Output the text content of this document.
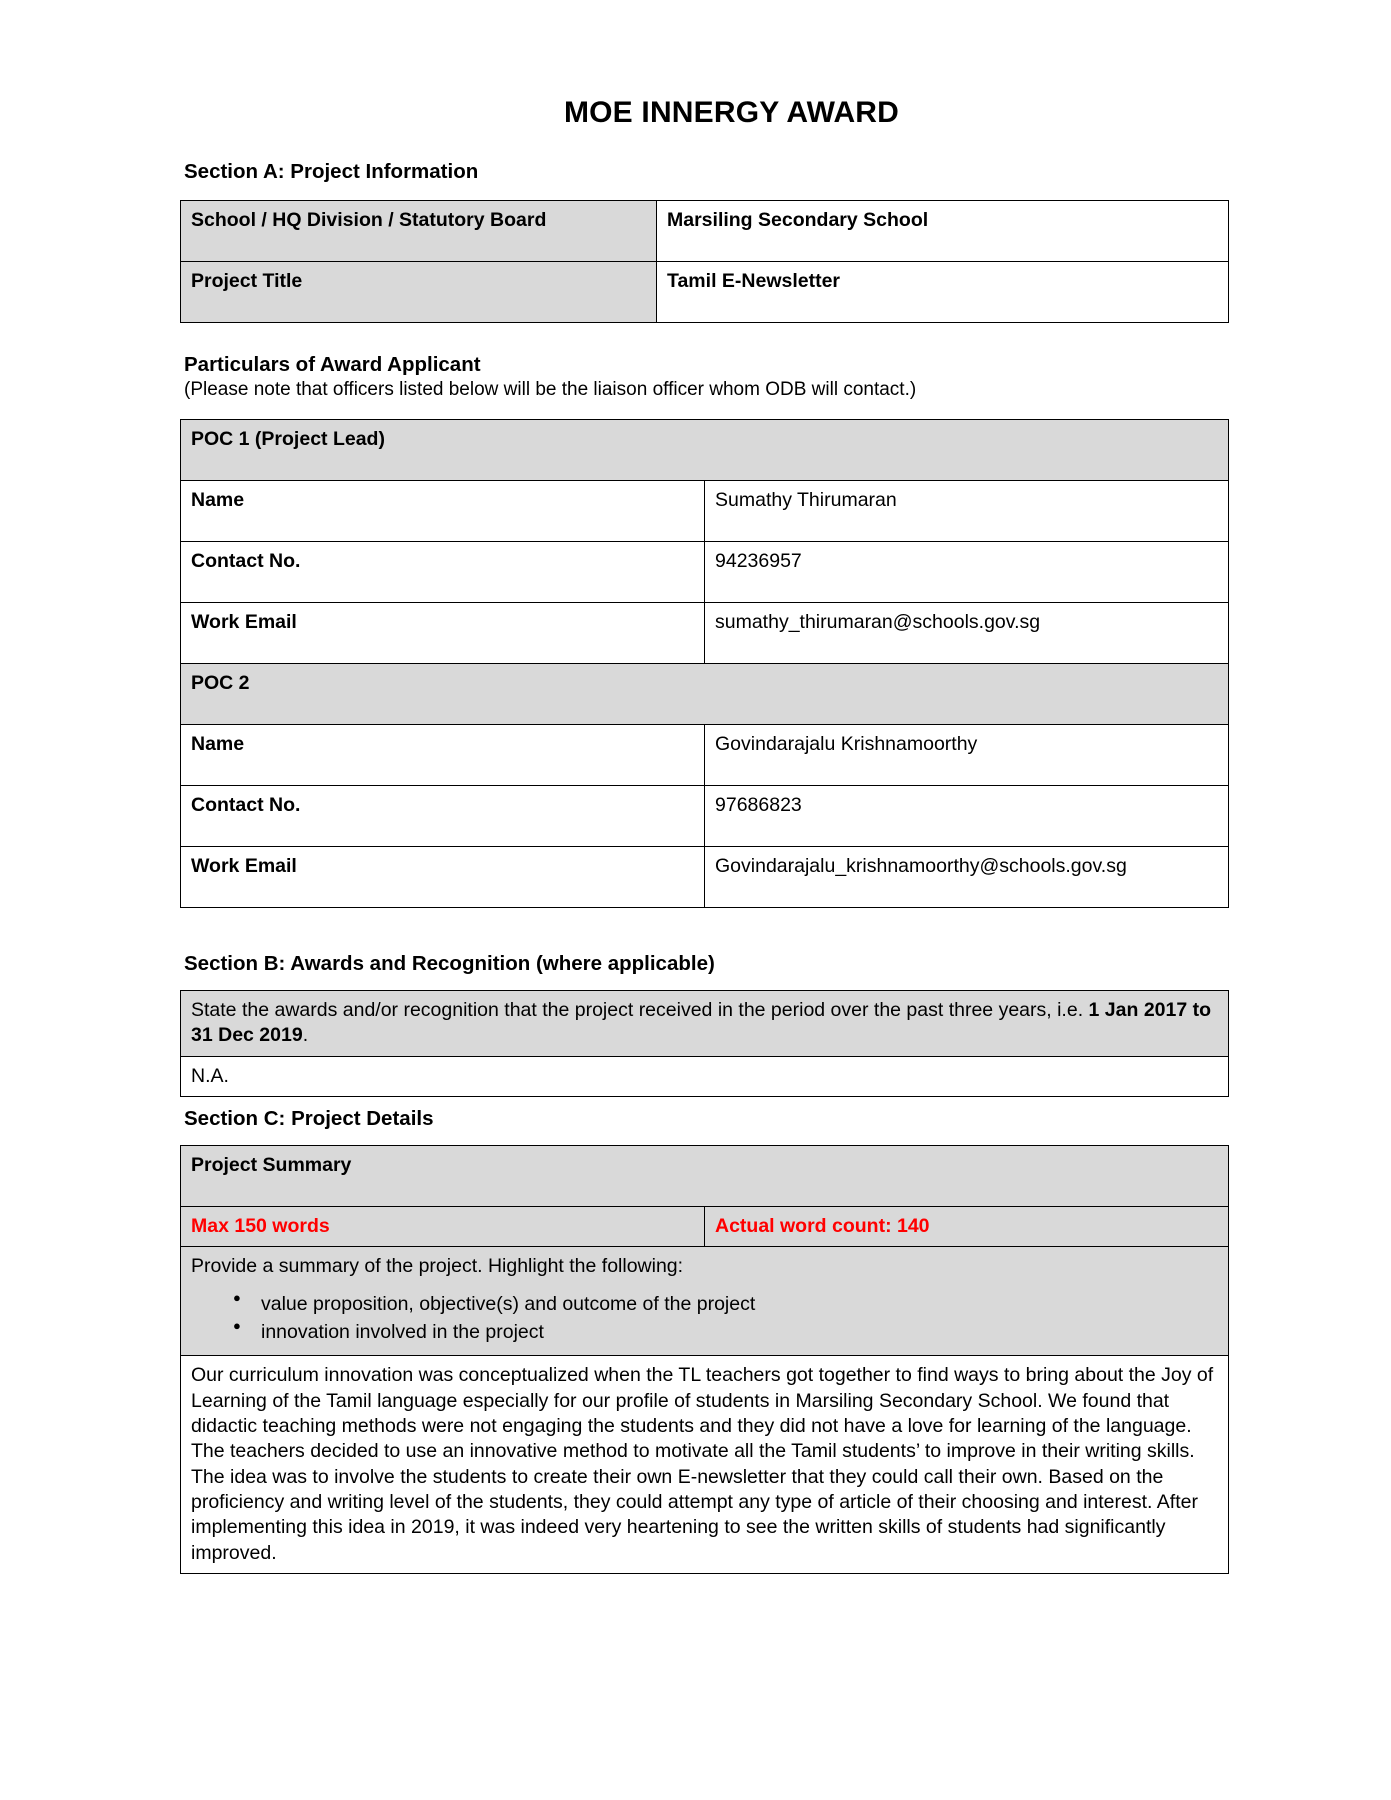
MOE INNERGY AWARD
Section A: Project Information
School / HQ Division / Statutory Board	Marsiling Secondary School
Project Title	Tamil E-Newsletter
Particulars of Award Applicant
(Please note that officers listed below will be the liaison officer whom ODB will contact.)
POC 1 (Project Lead)	
Name	Sumathy Thirumaran
Contact No.	94236957
Work Email	sumathy_thirumaran@schools.gov.sg
POC 2	
Name	Govindarajalu Krishnamoorthy
Contact No.	97686823
Work Email	Govindarajalu_krishnamoorthy@schools.gov.sg
Section B: Awards and Recognition (where applicable)
State the awards and/or recognition that the project received in the period over the past three years, i.e. 1 Jan 2017 to 31 Dec 2019.
N.A.
Section C: Project Details
Project Summary
Max 150 words	Actual word count: 140

Provide a summary of the project. Highlight the following:
● value proposition, objective(s) and outcome of the project
● innovation involved in the project

Our curriculum innovation was conceptualized when the TL teachers got together to find ways to bring about the Joy of Learning of the Tamil language especially for our profile of students in Marsiling Secondary School. We found that didactic teaching methods were not engaging the students and they did not have a love for learning of the language. The teachers decided to use an innovative method to motivate all the Tamil students’ to improve in their writing skills. The idea was to involve the students to create their own E-newsletter that they could call their own. Based on the proficiency and writing level of the students, they could attempt any type of article of their choosing and interest. After implementing this idea in 2019, it was indeed very heartening to see the written skills of students had significantly improved.
